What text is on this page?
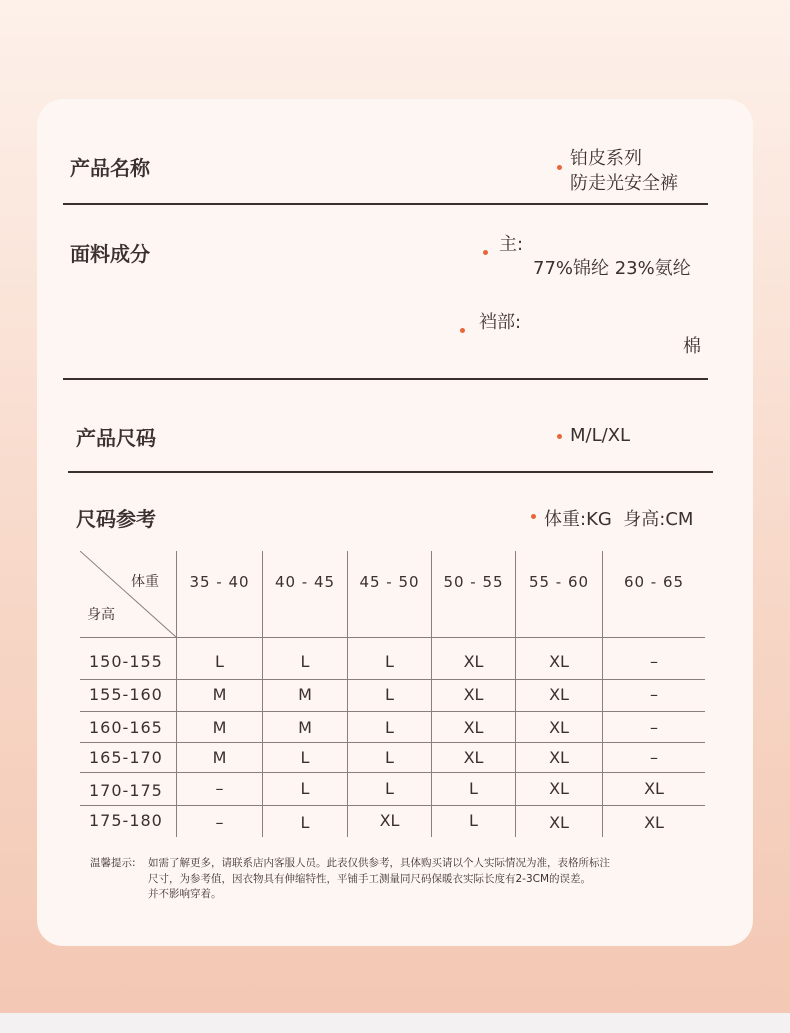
产品名称	铂皮系列
防走光安全裤
面料成分	主:
77%锦纶 23%氨纶
裆部:
棉
产品尺码	M/L/XL
尺码参考	体重:KG  身高:CM
体重
身高
35 - 40	40 - 45	45 - 50	50 - 55	55 - 60	60 - 65
150-155	L	L	L	XL	XL	–
155-160	M	M	L	XL	XL	–
160-165	M	M	L	XL	XL	–
165-170	M	L	L	XL	XL	–
170-175	–	L	L	L	XL	XL
175-180	–	L	XL	L	XL	XL
温馨提示: 如需了解更多，请联系店内客服人员。此表仅供参考，具体购买请以个人实际情况为准，表格所标注
尺寸，为参考值，因衣物具有伸缩特性，平铺手工测量同尺码保暖衣实际长度有2-3CM的误差。
并不影响穿着。
